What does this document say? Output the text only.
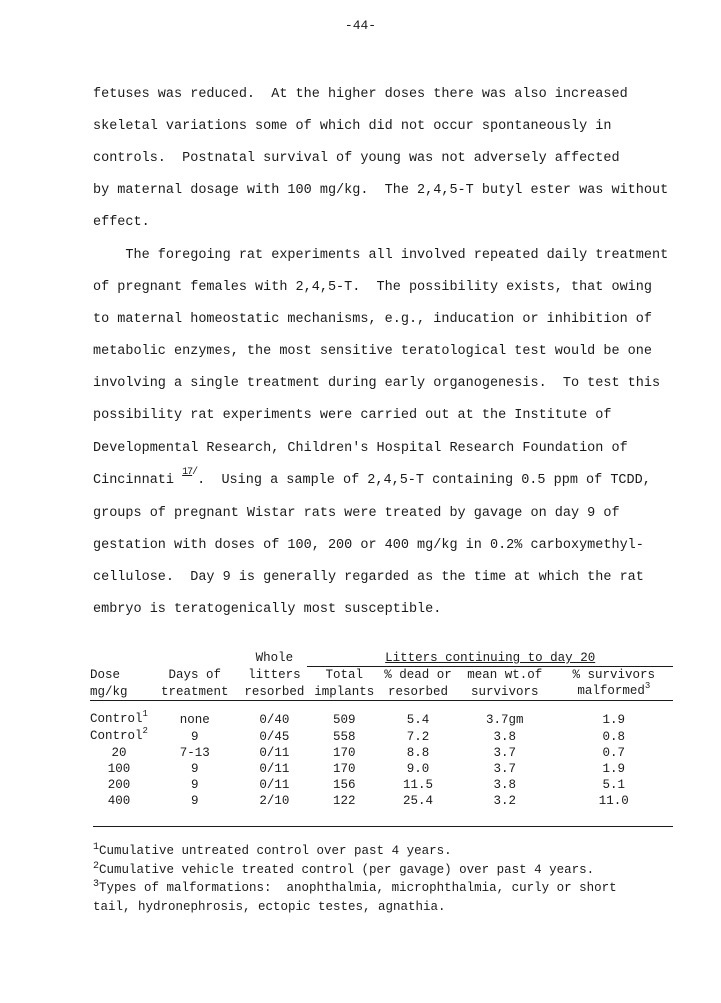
-44-
fetuses was reduced.  At the higher doses there was also increased
skeletal variations some of which did not occur spontaneously in
controls.  Postnatal survival of young was not adversely affected
by maternal dosage with 100 mg/kg.  The 2,4,5-T butyl ester was without
effect.
The foregoing rat experiments all involved repeated daily treatment
of pregnant females with 2,4,5-T.  The possibility exists, that owing
to maternal homeostatic mechanisms, e.g., inducation or inhibition of
metabolic enzymes, the most sensitive teratological test would be one
involving a single treatment during early organogenesis.  To test this
possibility rat experiments were carried out at the Institute of
Developmental Research, Children's Hospital Research Foundation of
Cincinnati $^{17/}$.  Using a sample of 2,4,5-T containing 0.5 ppm of TCDD,
groups of pregnant Wistar rats were treated by gavage on day 9 of
gestation with doses of 100, 200 or 400 mg/kg in 0.2% carboxymethyl-
cellulose.  Day 9 is generally regarded as the time at which the rat
embryo is teratogenically most susceptible.
		Whole	Litters continuing to day 20			
Dose	Days of	litters	Total	% dead or	mean wt.of	% survivors
mg/kg	treatment	resorbed	implants	resorbed	survivors	malformed$^3$

Control$^1$	none	0/40	509	5.4	3.7gm	1.9
Control$^2$	9	0/45	558	7.2	3.8	0.8
20	7-13	0/11	170	8.8	3.7	0.7
100	9	0/11	170	9.0	3.7	1.9
200	9	0/11	156	11.5	3.8	5.1
400	9	2/10	122	25.4	3.2	11.0
$^1$Cumulative untreated control over past 4 years.
$^2$Cumulative vehicle treated control (per gavage) over past 4 years.
$^3$Types of malformations:  anophthalmia, microphthalmia, curly or short
tail, hydronephrosis, ectopic testes, agnathia.
